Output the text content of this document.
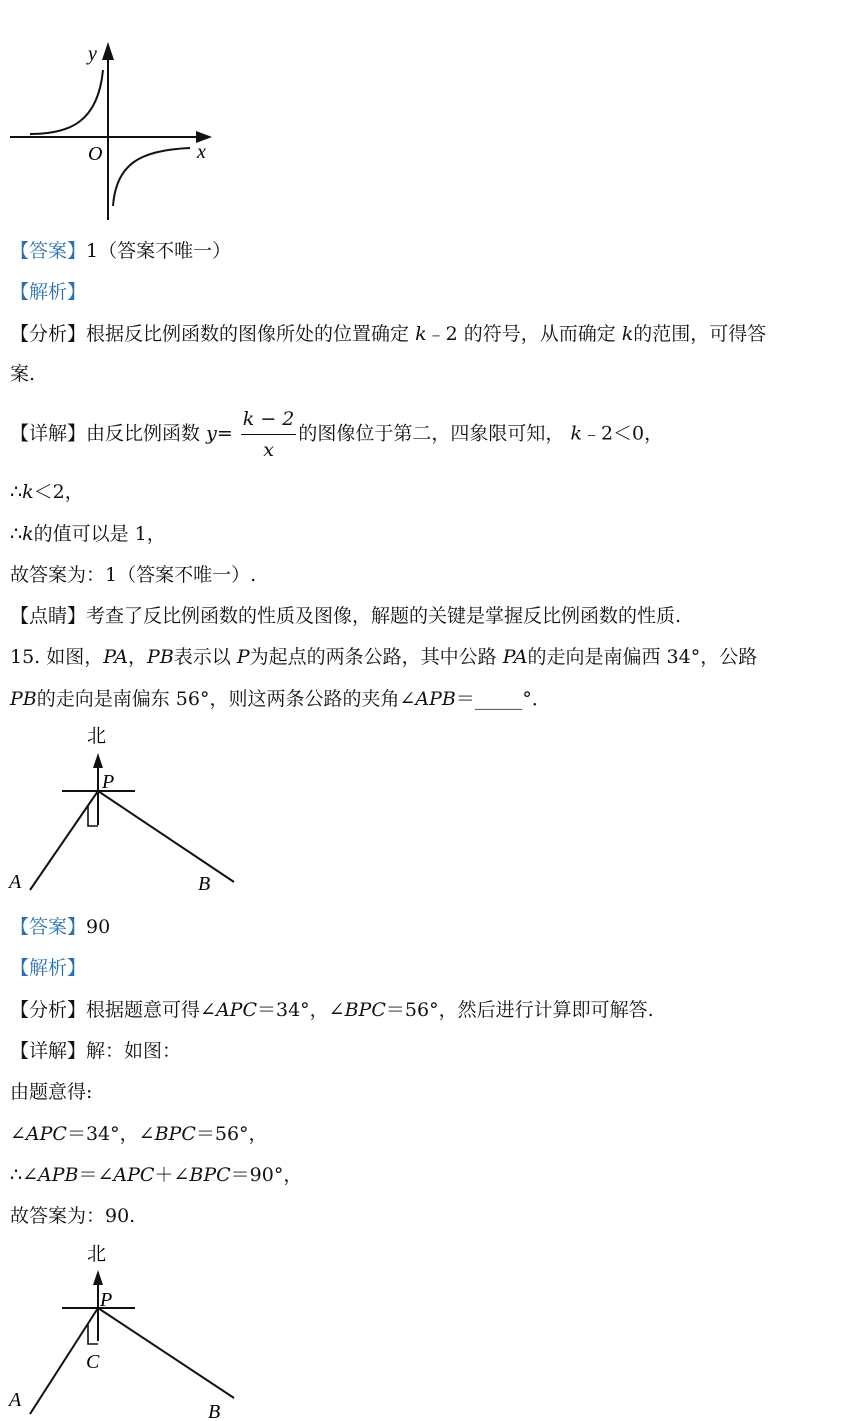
y
x
O
【答案】1（答案不唯一）
【解析】
【分析】根据反比例函数的图像所处的位置确定 k﹣2 的符号，从而确定 k的范围，可得答
案.
【详解】由反比例函数 $y= \frac{k - 2}{x}$ 的图像位于第二，四象限可知， k﹣2＜0，
∴k＜2，
∴k的值可以是 1，
故答案为：1（答案不唯一）.
【点睛】考查了反比例函数的性质及图像，解题的关键是掌握反比例函数的性质.
15. 如图，PA，PB表示以 P为起点的两条公路，其中公路 PA的走向是南偏西 34°，公路
PB的走向是南偏东 56°，则这两条公路的夹角∠APB＝_____°．
北
P
A	B
【答案】90
【解析】
【分析】根据题意可得∠APC＝34°，∠BPC＝56°，然后进行计算即可解答.
【详解】解：如图：
由题意得:
∠APC＝34°，∠BPC＝56°，
∴∠APB＝∠APC＋∠BPC＝90°，
故答案为：90.
北
P
C
A
B
